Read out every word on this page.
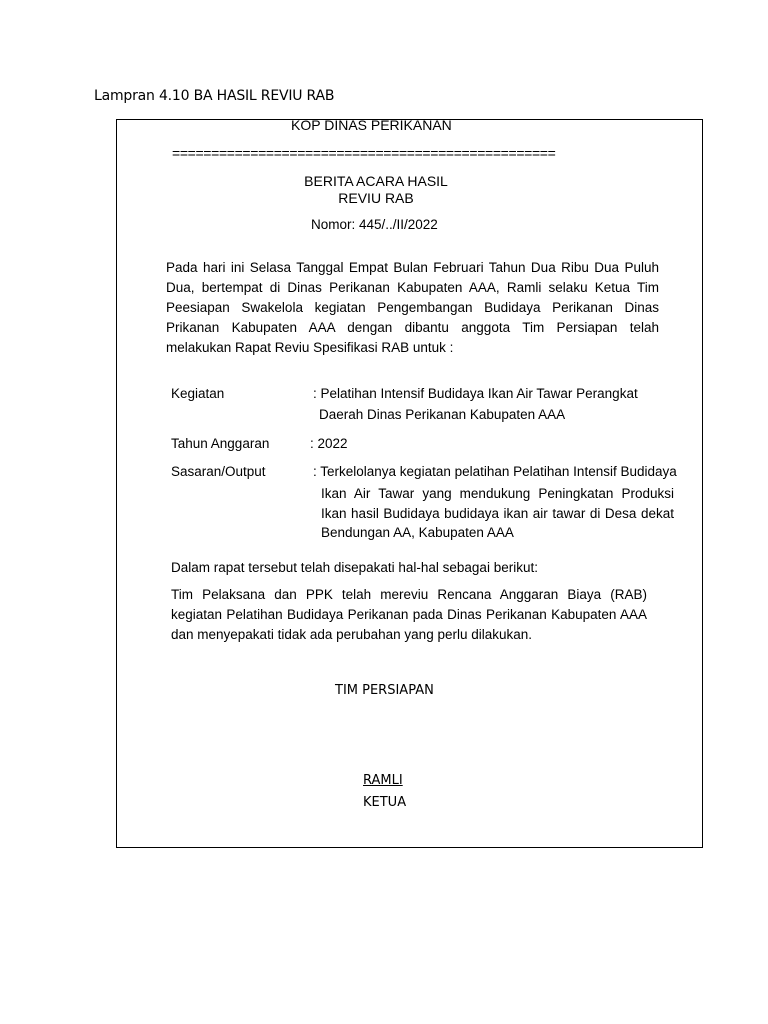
Lampran 4.10 BA HASIL REVIU RAB
KOP DINAS PERIKANAN
=================================================
BERITA ACARA HASIL
REVIU RAB
Nomor: 445/../II/2022
Pada hari ini Selasa Tanggal Empat Bulan Februari Tahun Dua Ribu Dua Puluh Dua, bertempat di Dinas Perikanan Kabupaten AAA, Ramli selaku Ketua Tim Peesiapan Swakelola kegiatan Pengembangan Budidaya Perikanan Dinas Prikanan Kabupaten AAA dengan dibantu anggota Tim Persiapan telah melakukan Rapat Reviu Spesifikasi RAB untuk :
Kegiatan	: Pelatihan Intensif Budidaya Ikan Air Tawar Perangkat
Daerah Dinas Perikanan Kabupaten AAA
Tahun Anggaran	: 2022
Sasaran/Output	: Terkelolanya kegiatan pelatihan Pelatihan Intensif Budidaya
Ikan Air Tawar yang mendukung Peningkatan Produksi Ikan hasil Budidaya budidaya ikan air tawar di Desa dekat Bendungan AA, Kabupaten AAA
Dalam rapat tersebut telah disepakati hal-hal sebagai berikut:
Tim Pelaksana dan PPK telah mereviu Rencana Anggaran Biaya (RAB) kegiatan Pelatihan Budidaya Perikanan pada Dinas Perikanan Kabupaten AAA dan menyepakati tidak ada perubahan yang perlu dilakukan.
TIM PERSIAPAN
RAMLI
KETUA
